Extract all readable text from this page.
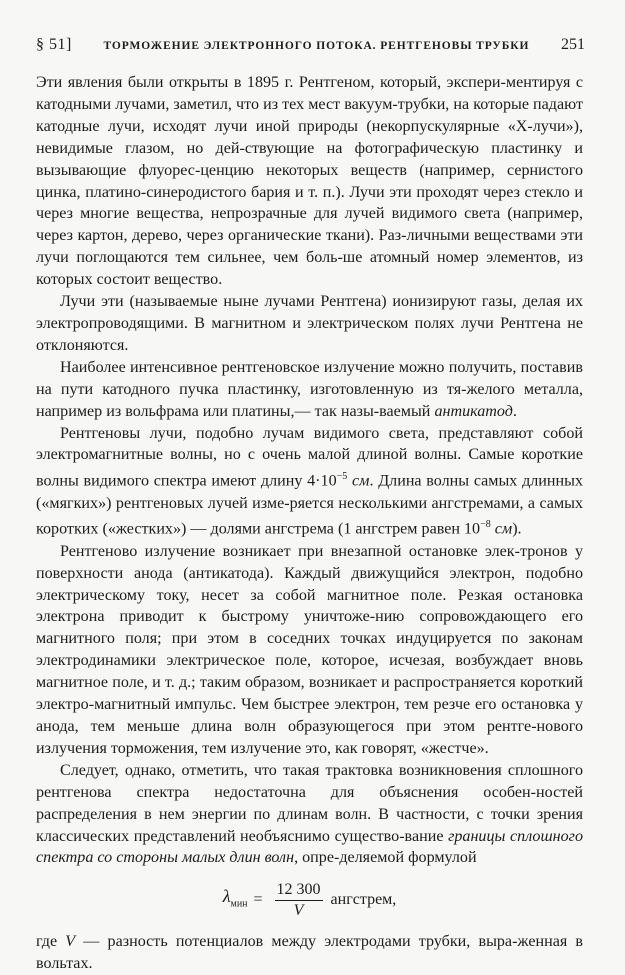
§ 51]	ТОРМОЖЕНИЕ ЭЛЕКТРОННОГО ПОТОКА. РЕНТГЕНОВЫ ТРУБКИ 251

Эти явления были открыты в 1895 г. Рентгеном, который, экспери-ментируя с катодными лучами, заметил, что из тех мест вакуум-трубки, на которые падают катодные лучи, исходят лучи иной природы (некорпускулярные «Х-лучи»), невидимые глазом, но дей-ствующие на фотографическую пластинку и вызывающие флуорес-ценцию некоторых веществ (например, сернистого цинка, платино-синеродистого бария и т. п.). Лучи эти проходят через стекло и через многие вещества, непрозрачные для лучей видимого света (например, через картон, дерево, через органические ткани). Раз-личными веществами эти лучи поглощаются тем сильнее, чем боль-ше атомный номер элементов, из которых состоит вещество.

Лучи эти (называемые ныне лучами Рентгена) ионизируют газы, делая их электропроводящими. В магнитном и электрическом полях лучи Рентгена не отклоняются.

Наиболее интенсивное рентгеновское излучение можно получить, поставив на пути катодного пучка пластинку, изготовленную из тя-желого металла, например из вольфрама или платины,— так назы-ваемый антикатод.

Рентгеновы лучи, подобно лучам видимого света, представляют собой электромагнитные волны, но с очень малой длиной волны. Самые короткие волны видимого спектра имеют длину $4\cdot 10^{-5}$ см. Длина волны самых длинных («мягких») рентгеновых лучей изме-ряется несколькими ангстремами, а самых коротких («жестких») — долями ангстрема (1 ангстрем равен $10^{-8}$ см).

Рентгеново излучение возникает при внезапной остановке элек-тронов у поверхности анода (антикатода). Каждый движущийся электрон, подобно электрическому току, несет за собой магнитное поле. Резкая остановка электрона приводит к быстрому уничтоже-нию сопровождающего его магнитного поля; при этом в соседних точках индуцируется по законам электродинамики электрическое поле, которое, исчезая, возбуждает вновь магнитное поле, и т. д.; таким образом, возникает и распространяется короткий электро-магнитный импульс. Чем быстрее электрон, тем резче его остановка у анода, тем меньше длина волн образующегося при этом рентге-нового излучения торможения, тем излучение это, как говорят, «жестче».

Следует, однако, отметить, что такая трактовка возникновения сплошного рентгенова спектра недостаточна для объяснения особен-ностей распределения в нем энергии по длинам волн. В частности, с точки зрения классических представлений необъяснимо существо-вание границы сплошного спектра со стороны малых длин волн, опре-деляемой формулой

$\lambda_{мин} = \frac{12 300}{V}$ ангстрем,

где V — разность потенциалов между электродами трубки, выра-женная в вольтах.
